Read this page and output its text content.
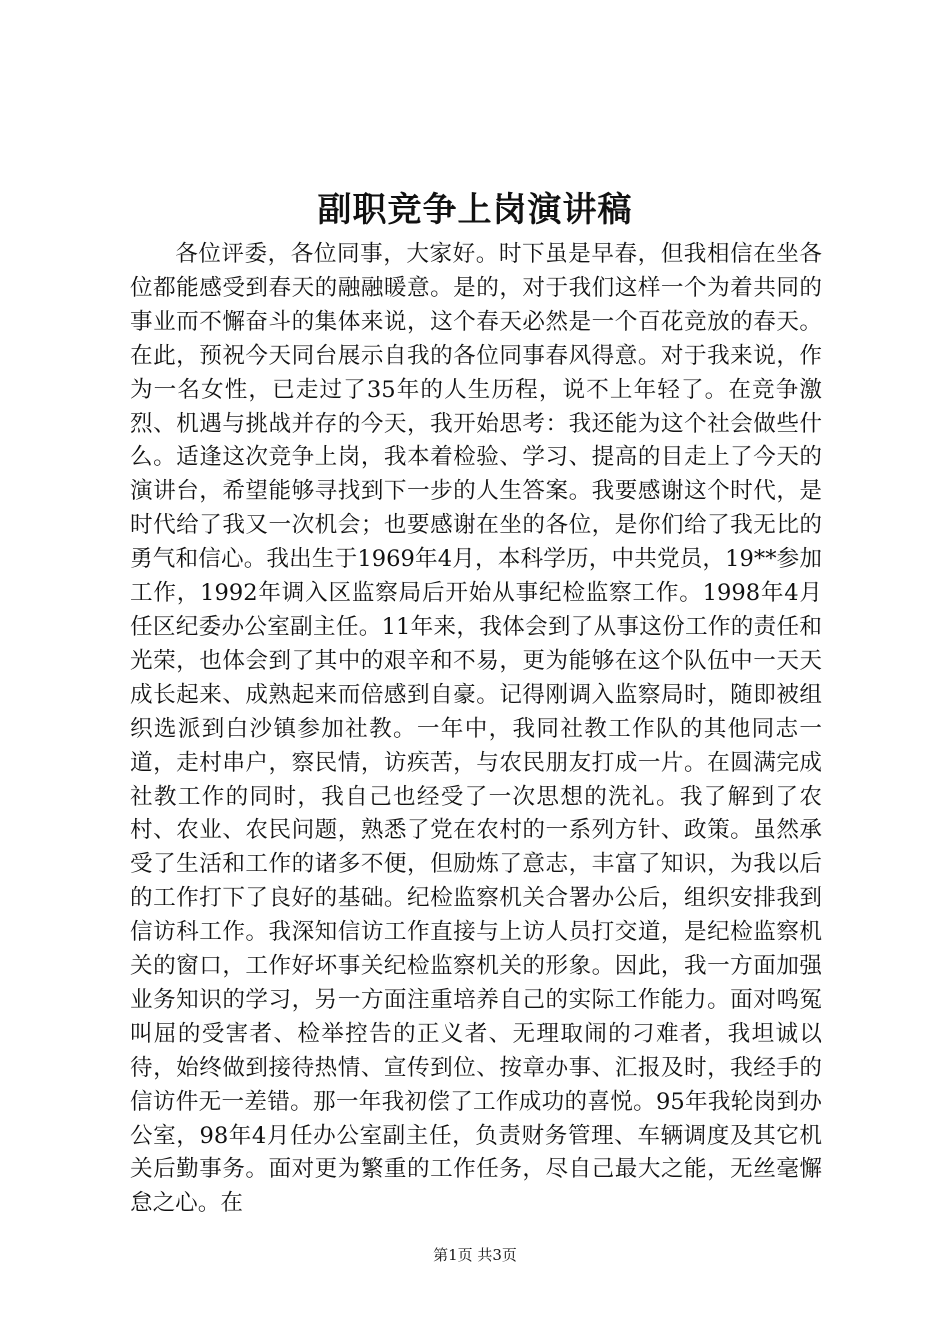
副职竞争上岗演讲稿

各位评委，各位同事，大家好。时下虽是早春，但我相信在坐各位都能感受到春天的融融暖意。是的，对于我们这样一个为着共同的事业而不懈奋斗的集体来说，这个春天必然是一个百花竞放的春天。在此，预祝今天同台展示自我的各位同事春风得意。对于我来说，作为一名女性，已走过了35年的人生历程，说不上年轻了。在竞争激烈、机遇与挑战并存的今天，我开始思考：我还能为这个社会做些什么。适逢这次竞争上岗，我本着检验、学习、提高的目走上了今天的演讲台，希望能够寻找到下一步的人生答案。我要感谢这个时代，是时代给了我又一次机会；也要感谢在坐的各位，是你们给了我无比的勇气和信心。我出生于1969年4月，本科学历，中共党员，19**参加工作，1992年调入区监察局后开始从事纪检监察工作。1998年4月任区纪委办公室副主任。11年来，我体会到了从事这份工作的责任和光荣，也体会到了其中的艰辛和不易，更为能够在这个队伍中一天天成长起来、成熟起来而倍感到自豪。记得刚调入监察局时，随即被组织选派到白沙镇参加社教。一年中，我同社教工作队的其他同志一道，走村串户，察民情，访疾苦，与农民朋友打成一片。在圆满完成社教工作的同时，我自己也经受了一次思想的洗礼。我了解到了农村、农业、农民问题，熟悉了党在农村的一系列方针、政策。虽然承受了生活和工作的诸多不便，但励炼了意志，丰富了知识，为我以后的工作打下了良好的基础。纪检监察机关合署办公后，组织安排我到信访科工作。我深知信访工作直接与上访人员打交道，是纪检监察机关的窗口，工作好坏事关纪检监察机关的形象。因此，我一方面加强业务知识的学习，另一方面注重培养自己的实际工作能力。面对鸣冤叫屈的受害者、检举控告的正义者、无理取闹的刁难者，我坦诚以待，始终做到接待热情、宣传到位、按章办事、汇报及时，我经手的信访件无一差错。那一年我初偿了工作成功的喜悦。95年我轮岗到办公室，98年4月任办公室副主任，负责财务管理、车辆调度及其它机关后勤事务。面对更为繁重的工作任务，尽自己最大之能，无丝毫懈怠之心。在

第1页 共3页
